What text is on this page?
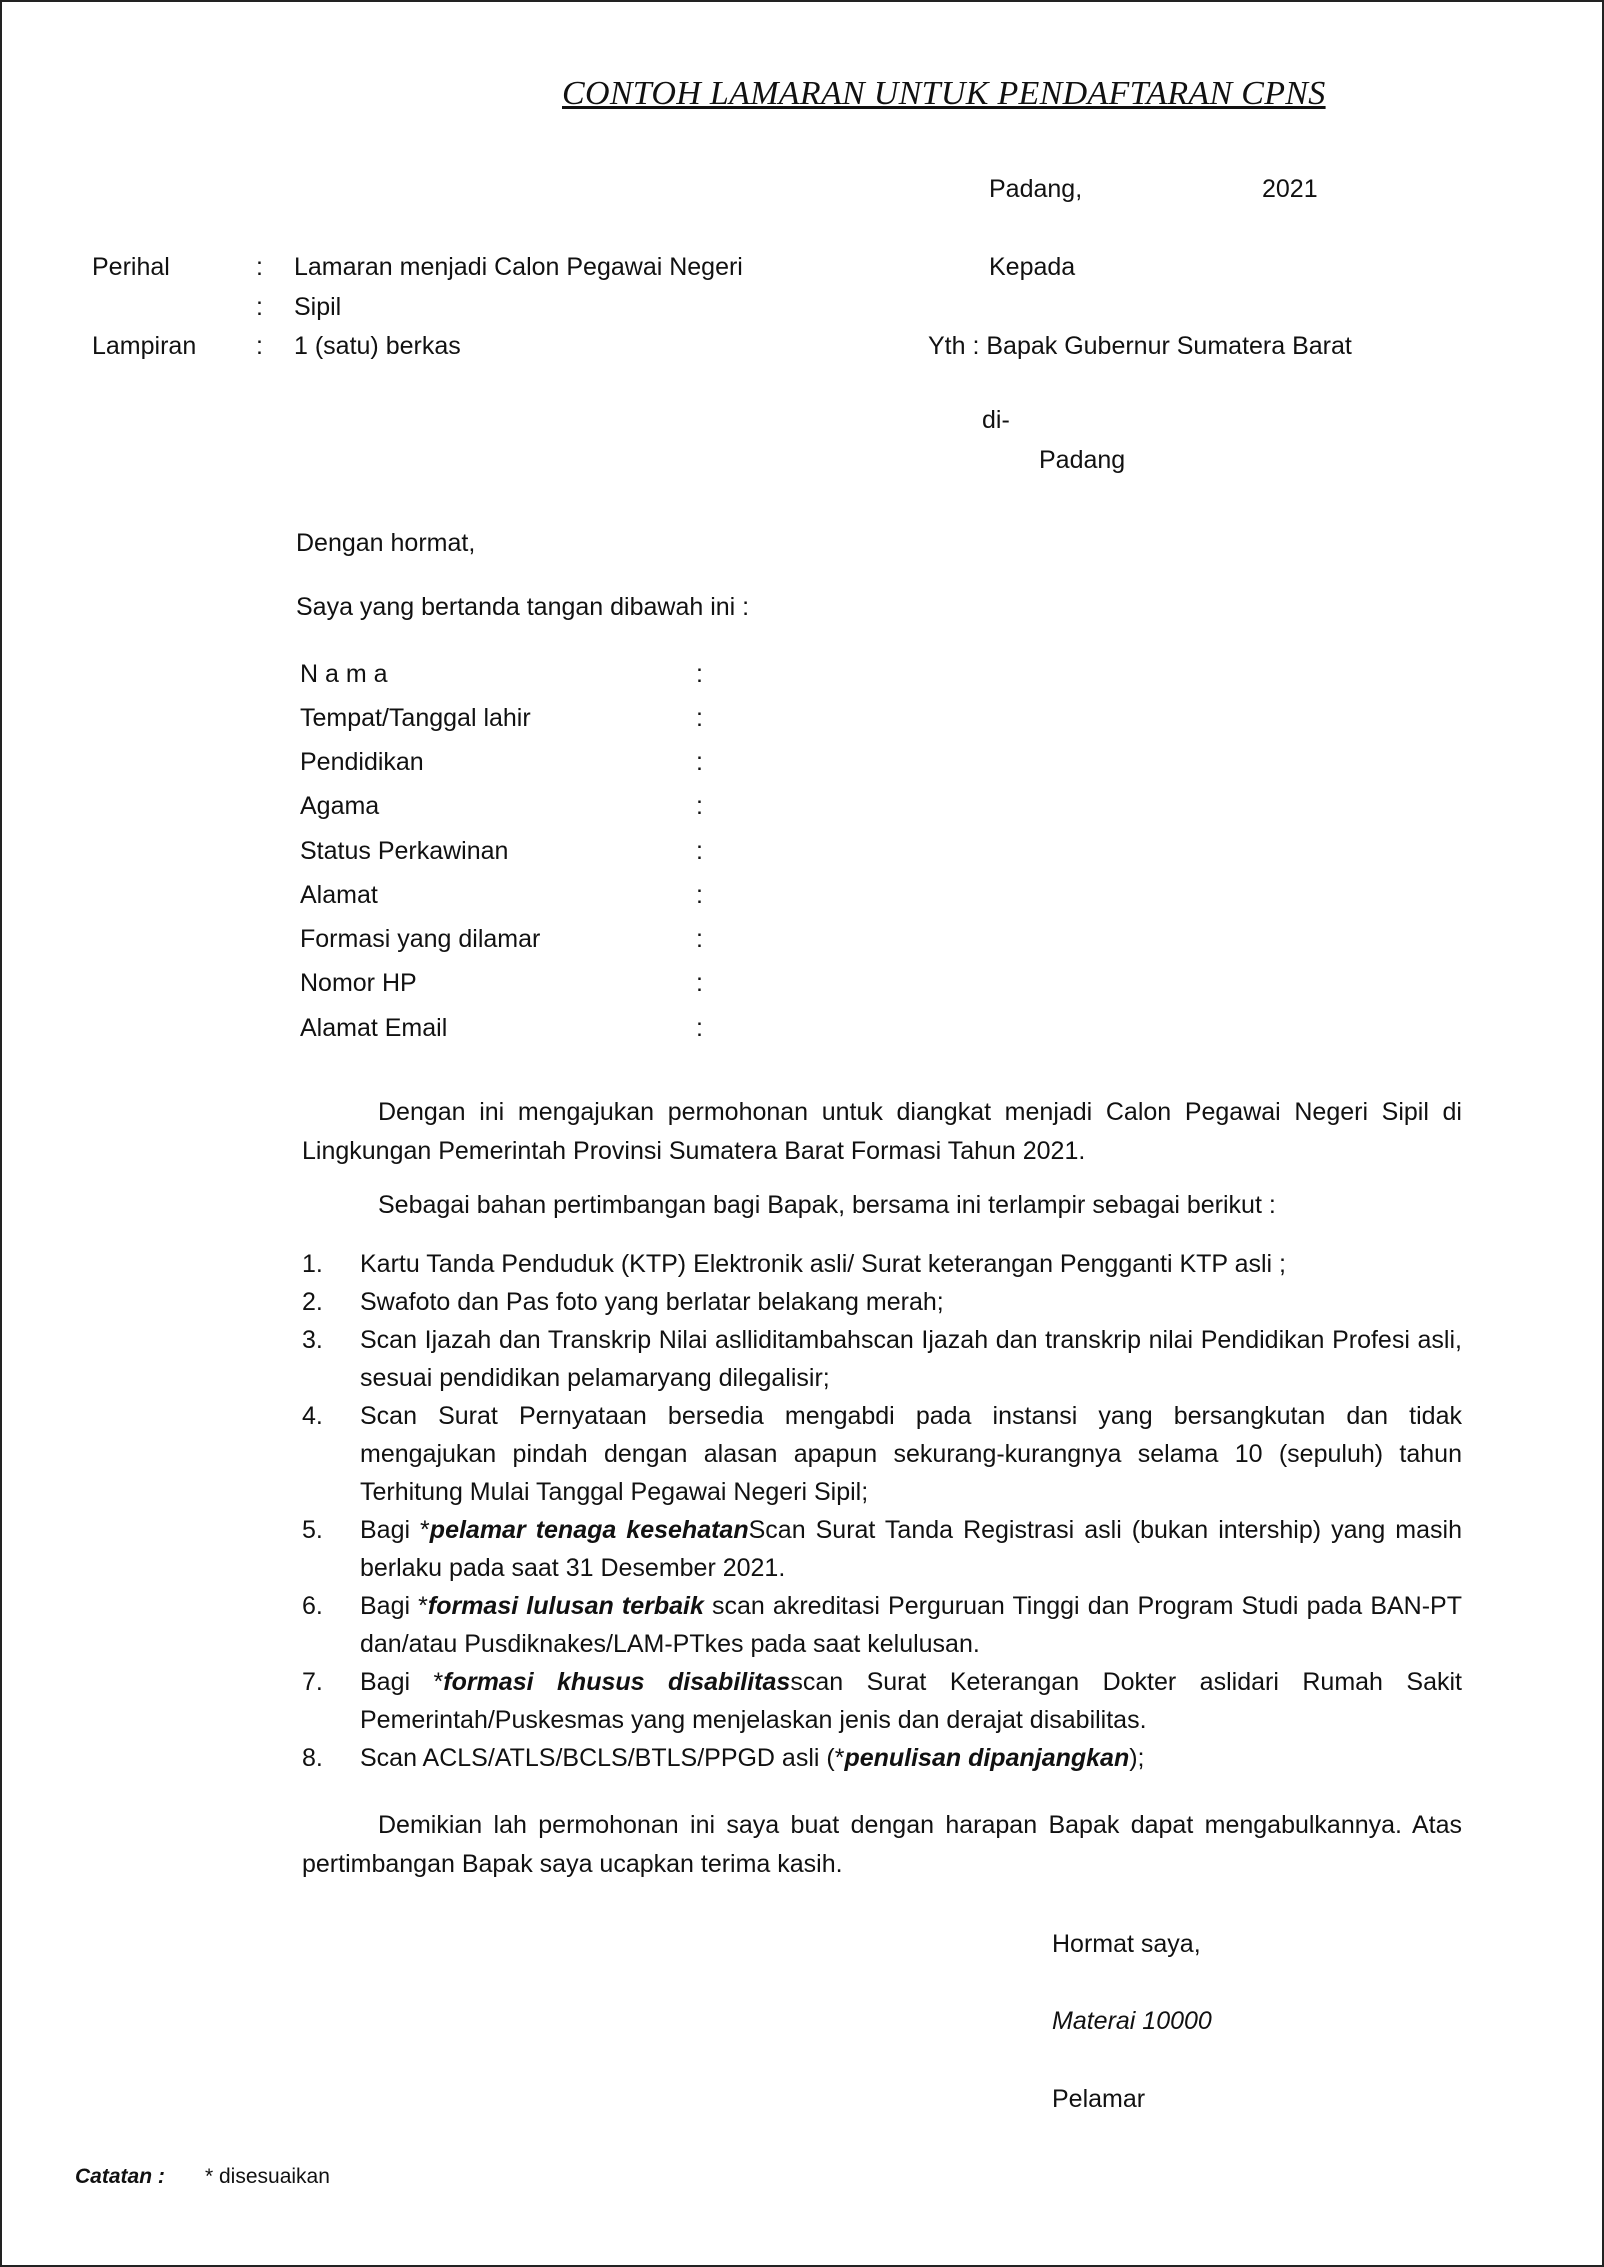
CONTOH LAMARAN UNTUK PENDAFTARAN CPNS
Padang,	2021
Perihal	: Lamaran menjadi Calon Pegawai Negeri
: Sipil
Lampiran : 1 (satu) berkas
Kepada
Yth : Bapak Gubernur Sumatera Barat
di-
Padang
Dengan hormat,
Saya yang bertanda tangan dibawah ini :
N a m a	:
Tempat/Tanggal lahir	:
Pendidikan	:
Agama	:
Status Perkawinan	:
Alamat	:
Formasi yang dilamar	:
Nomor HP	:
Alamat Email	:
Dengan ini mengajukan permohonan untuk diangkat menjadi Calon Pegawai Negeri Sipil di Lingkungan Pemerintah Provinsi Sumatera Barat Formasi Tahun 2021.
Sebagai bahan pertimbangan bagi Bapak, bersama ini terlampir sebagai berikut :
1. Kartu Tanda Penduduk (KTP) Elektronik asli/ Surat keterangan Pengganti KTP asli ;
2. Swafoto dan Pas foto yang berlatar belakang merah;
3. Scan Ijazah dan Transkrip Nilai aslliditambahscan Ijazah dan transkrip nilai Pendidikan Profesi asli, sesuai pendidikan pelamaryang dilegalisir;
4. Scan Surat Pernyataan bersedia mengabdi pada instansi yang bersangkutan dan tidak mengajukan pindah dengan alasan apapun sekurang-kurangnya selama 10 (sepuluh) tahun Terhitung Mulai Tanggal Pegawai Negeri Sipil;
5. Bagi *pelamar tenaga kesehatanScan Surat Tanda Registrasi asli (bukan intership) yang masih berlaku pada saat 31 Desember 2021.
6. Bagi *formasi lulusan terbaik scan akreditasi Perguruan Tinggi dan Program Studi pada BAN-PT dan/atau Pusdiknakes/LAM-PTkes pada saat kelulusan.
7. Bagi *formasi khusus disabilitasscan Surat Keterangan Dokter aslidari Rumah Sakit Pemerintah/Puskesmas yang menjelaskan jenis dan derajat disabilitas.
8. Scan ACLS/ATLS/BCLS/BTLS/PPGD asli (*penulisan dipanjangkan);
Demikian lah permohonan ini saya buat dengan harapan Bapak dapat mengabulkannya. Atas pertimbangan Bapak saya ucapkan terima kasih.
Hormat saya,
Materai 10000
Pelamar
Catatan : * disesuaikan
